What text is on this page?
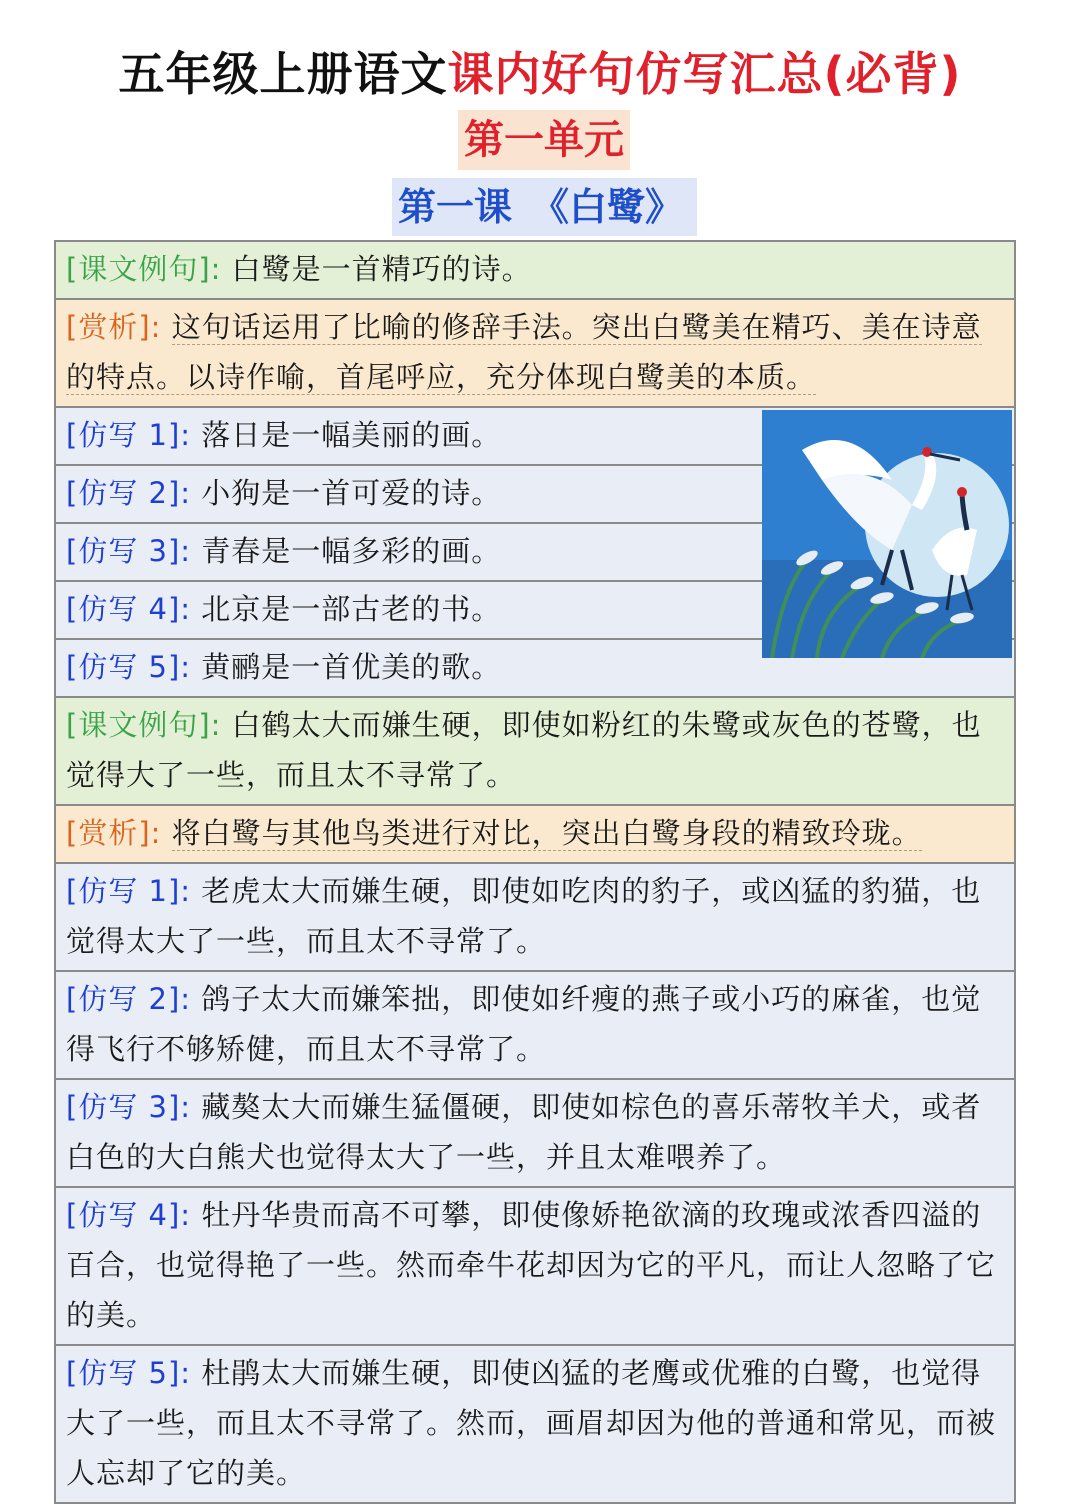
五年级上册语文课内好句仿写汇总(必背)
第一单元
第一课　《白鹭》
[课文例句]: 白鹭是一首精巧的诗。
[赏析]: 这句话运用了比喻的修辞手法。突出白鹭美在精巧、美在诗意的特点。以诗作喻，首尾呼应，充分体现白鹭美的本质。
[仿写 1]: 落日是一幅美丽的画。
[仿写 2]: 小狗是一首可爱的诗。
[仿写 3]: 青春是一幅多彩的画。
[仿写 4]: 北京是一部古老的书。
[仿写 5]: 黄鹂是一首优美的歌。
[课文例句]: 白鹤太大而嫌生硬，即使如粉红的朱鹭或灰色的苍鹭，也觉得大了一些，而且太不寻常了。
[赏析]: 将白鹭与其他鸟类进行对比，突出白鹭身段的精致玲珑。
[仿写 1]: 老虎太大而嫌生硬，即使如吃肉的豹子，或凶猛的豹猫，也觉得太大了一些，而且太不寻常了。
[仿写 2]: 鸽子太大而嫌笨拙，即使如纤瘦的燕子或小巧的麻雀，也觉得飞行不够矫健，而且太不寻常了。
[仿写 3]: 藏獒太大而嫌生猛僵硬，即使如棕色的喜乐蒂牧羊犬，或者白色的大白熊犬也觉得太大了一些，并且太难喂养了。
[仿写 4]: 牡丹华贵而高不可攀，即使像娇艳欲滴的玫瑰或浓香四溢的百合，也觉得艳了一些。然而牵牛花却因为它的平凡，而让人忽略了它的美。
[仿写 5]: 杜鹃太大而嫌生硬，即使凶猛的老鹰或优雅的白鹭，也觉得大了一些，而且太不寻常了。然而，画眉却因为他的普通和常见，而被人忘却了它的美。
